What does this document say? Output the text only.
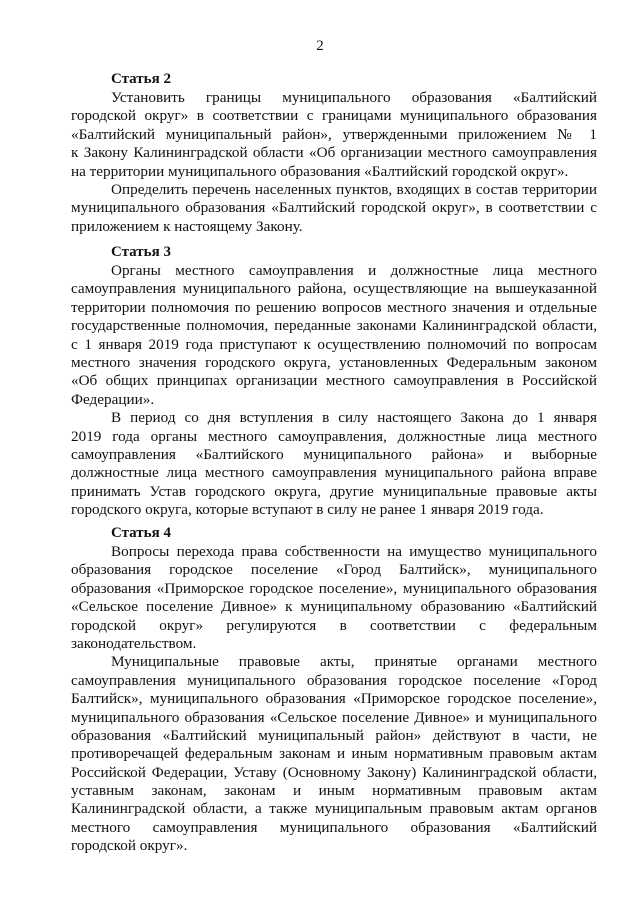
2
Статья 2
Установить границы муниципального образования «Балтийский
городской округ» в соответствии с границами муниципального образования
«Балтийский муниципальный район», утвержденными приложением № 1
к Закону Калининградской области «Об организации местного самоуправления
на территории муниципального образования «Балтийский городской округ».
Определить перечень населенных пунктов, входящих в состав территории
муниципального образования «Балтийский городской округ», в соответствии с
приложением к настоящему Закону.
Статья 3
Органы местного самоуправления и должностные лица местного
самоуправления муниципального района, осуществляющие на вышеуказанной
территории полномочия по решению вопросов местного значения и отдельные
государственные полномочия, переданные законами Калининградской области,
с 1 января 2019 года приступают к осуществлению полномочий по вопросам
местного значения городского округа, установленных Федеральным законом
«Об общих принципах организации местного самоуправления в Российской
Федерации».
В период со дня вступления в силу настоящего Закона до 1 января
2019 года органы местного самоуправления, должностные лица местного
самоуправления «Балтийского муниципального района» и выборные
должностные лица местного самоуправления муниципального района вправе
принимать Устав городского округа, другие муниципальные правовые акты
городского округа, которые вступают в силу не ранее 1 января 2019 года.
Статья 4
Вопросы перехода права собственности на имущество муниципального
образования городское поселение «Город Балтийск», муниципального
образования «Приморское городское поселение», муниципального образования
«Сельское поселение Дивное» к муниципальному образованию «Балтийский
городской округ» регулируются в соответствии с федеральным
законодательством.
Муниципальные правовые акты, принятые органами местного
самоуправления муниципального образования городское поселение «Город
Балтийск», муниципального образования «Приморское городское поселение»,
муниципального образования «Сельское поселение Дивное» и муниципального
образования «Балтийский муниципальный район» действуют в части, не
противоречащей федеральным законам и иным нормативным правовым актам
Российской Федерации, Уставу (Основному Закону) Калининградской области,
уставным законам, законам и иным нормативным правовым актам
Калининградской области, а также муниципальным правовым актам органов
местного самоуправления муниципального образования «Балтийский
городской округ».
